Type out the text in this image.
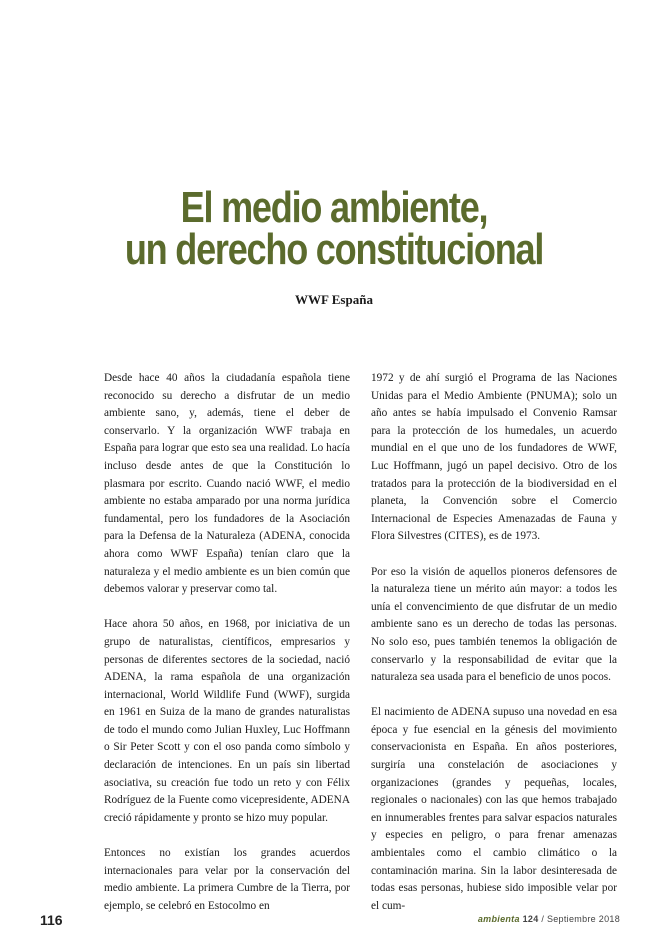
El medio ambiente,
un derecho constitucional
WWF España

Desde hace 40 años la ciudadanía española tiene reconocido su derecho a disfrutar de un medio ambiente sano, y, además, tiene el deber de conservarlo. Y la organización WWF trabaja en España para lograr que esto sea una realidad. Lo hacía incluso desde antes de que la Constitución lo plasmara por escrito. Cuando nació WWF, el medio ambiente no estaba amparado por una norma jurídica fundamental, pero los fundadores de la Asociación para la Defensa de la Naturaleza (ADENA, conocida ahora como WWF España) tenían claro que la naturaleza y el medio ambiente es un bien común que debemos valorar y preservar como tal.

Hace ahora 50 años, en 1968, por iniciativa de un grupo de naturalistas, científicos, empresarios y personas de diferentes sectores de la sociedad, nació ADENA, la rama española de una organización internacional, World Wildlife Fund (WWF), surgida en 1961 en Suiza de la mano de grandes naturalistas de todo el mundo como Julian Huxley, Luc Hoffmann o Sir Peter Scott y con el oso panda como símbolo y declaración de intenciones. En un país sin libertad asociativa, su creación fue todo un reto y con Félix Rodríguez de la Fuente como vicepresidente, ADENA creció rápidamente y pronto se hizo muy popular.

Entonces no existían los grandes acuerdos internacionales para velar por la conservación del medio ambiente. La primera Cumbre de la Tierra, por ejemplo, se celebró en Estocolmo en

1972 y de ahí surgió el Programa de las Naciones Unidas para el Medio Ambiente (PNUMA); solo un año antes se había impulsado el Convenio Ramsar para la protección de los humedales, un acuerdo mundial en el que uno de los fundadores de WWF, Luc Hoffmann, jugó un papel decisivo. Otro de los tratados para la protección de la biodiversidad en el planeta, la Convención sobre el Comercio Internacional de Especies Amenazadas de Fauna y Flora Silvestres (CITES), es de 1973.

Por eso la visión de aquellos pioneros defensores de la naturaleza tiene un mérito aún mayor: a todos les unía el convencimiento de que disfrutar de un medio ambiente sano es un derecho de todas las personas. No solo eso, pues también tenemos la obligación de conservarlo y la responsabilidad de evitar que la naturaleza sea usada para el beneficio de unos pocos.

El nacimiento de ADENA supuso una novedad en esa época y fue esencial en la génesis del movimiento conservacionista en España. En años posteriores, surgiría una constelación de asociaciones y organizaciones (grandes y pequeñas, locales, regionales o nacionales) con las que hemos trabajado en innumerables frentes para salvar espacios naturales y especies en peligro, o para frenar amenazas ambientales como el cambio climático o la contaminación marina. Sin la labor desinteresada de todas esas personas, hubiese sido imposible velar por el cum-

116	ambienta 124 / Septiembre 2018
